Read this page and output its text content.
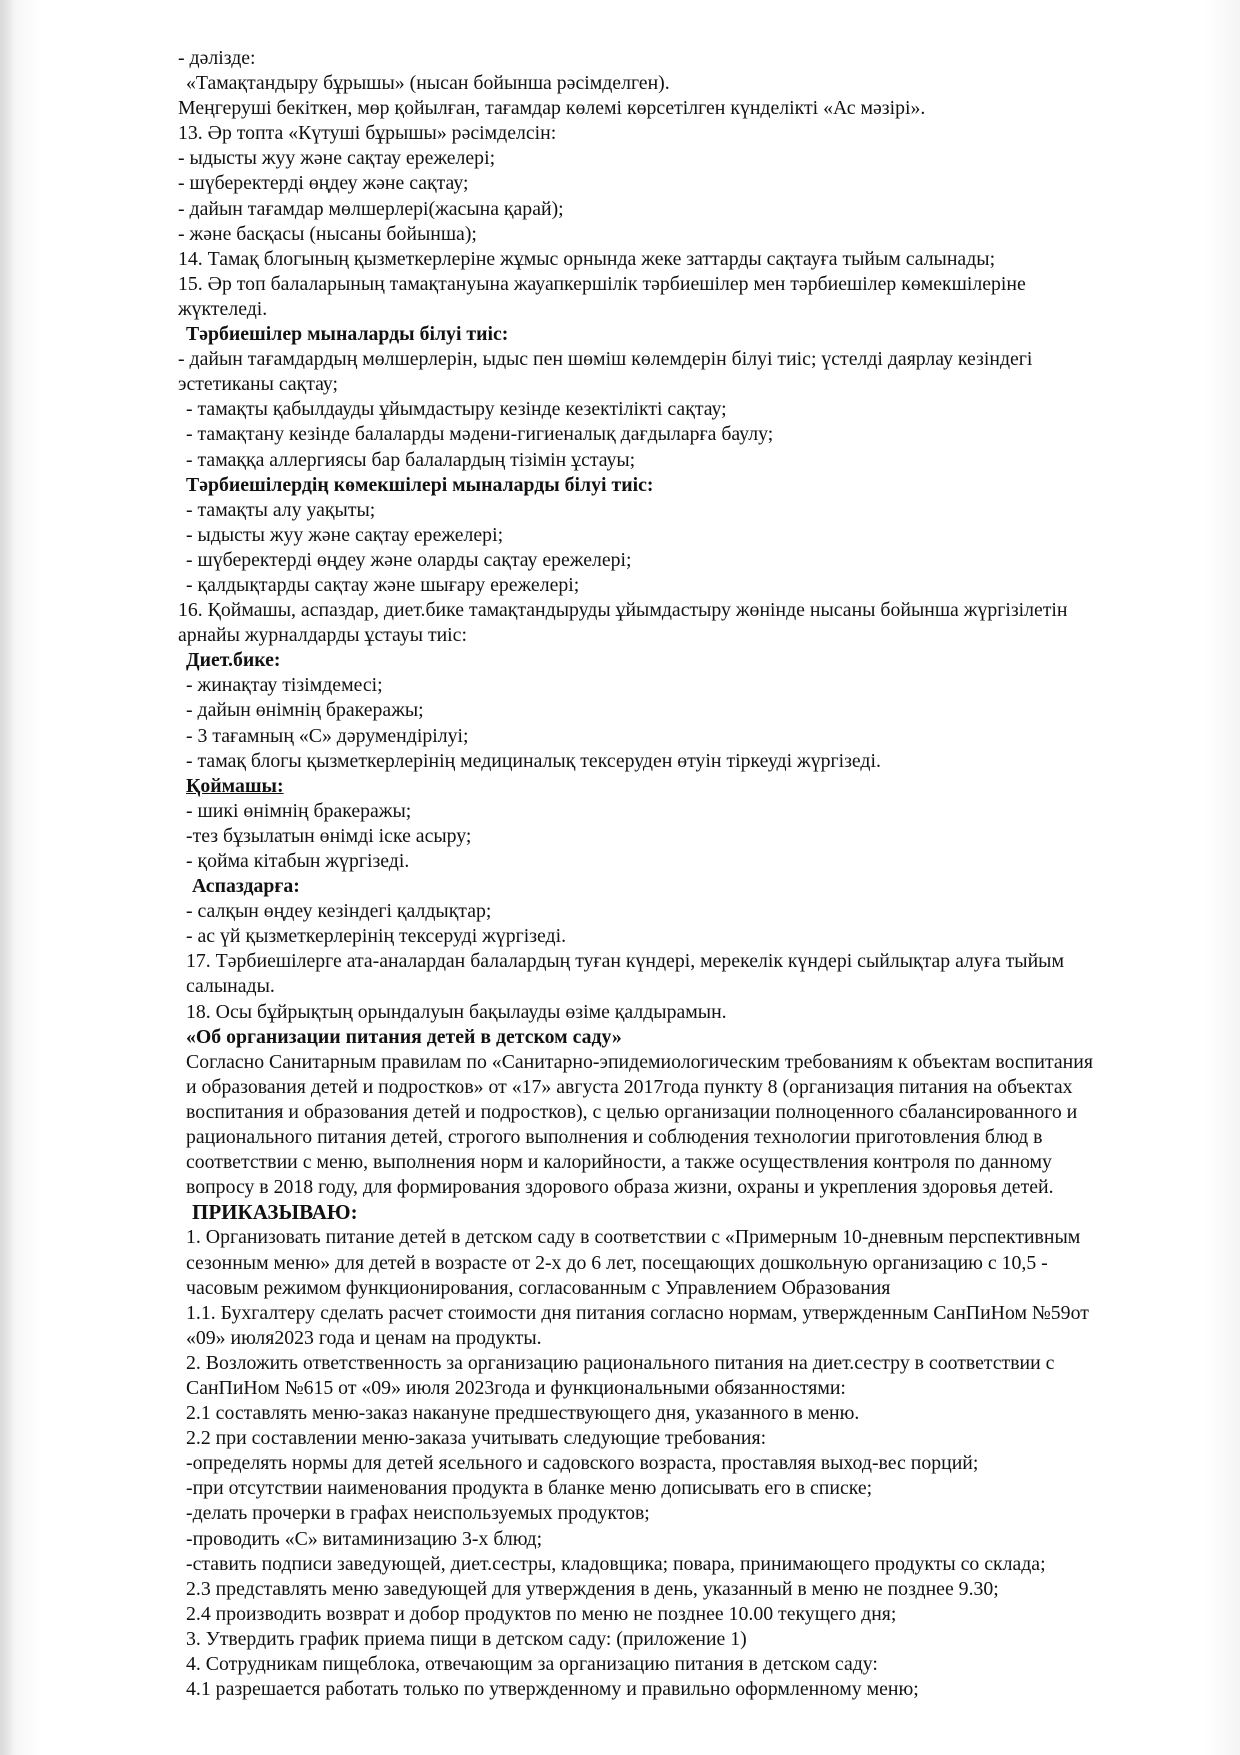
- дәлізде:
«Тамақтандыру бұрышы» (нысан бойынша рәсімделген).
Меңгеруші бекіткен, мөр қойылған, тағамдар көлемі көрсетілген күнделікті «Ас мәзірі».
13. Әр топта «Күтуші бұрышы» рәсімделсін:
- ыдысты жуу және сақтау ережелері;
- шүберектерді өңдеу және сақтау;
- дайын тағамдар мөлшерлері(жасына қарай);
- және басқасы (нысаны бойынша);
14. Тамақ блогының қызметкерлеріне жұмыс орнында жеке заттарды сақтауға тыйым салынады;
15. Әр топ балаларының тамақтануына жауапкершілік тәрбиешілер мен тәрбиешілер көмекшілеріне
жүктеледі.
Тәрбиешілер мыналарды білуі тиіс:
- дайын тағамдардың мөлшерлерін, ыдыс пен шөміш көлемдерін білуі тиіс; үстелді даярлау кезіндегі
эстетиканы сақтау;
- тамақты қабылдауды ұйымдастыру кезінде кезектілікті сақтау;
- тамақтану кезінде балаларды мәдени-гигиеналық дағдыларға баулу;
- тамаққа аллергиясы бар балалардың тізімін ұстауы;
Тәрбиешілердің көмекшілері мыналарды білуі тиіс:
- тамақты алу уақыты;
- ыдысты жуу және сақтау ережелері;
- шүберектерді өңдеу және оларды сақтау ережелері;
- қалдықтарды сақтау және шығару ережелері;
16. Қоймашы, аспаздар, диет.бике тамақтандыруды ұйымдастыру жөнінде нысаны бойынша жүргізілетін
арнайы журналдарды ұстауы тиіс:
Диет.бике:
- жинақтау тізімдемесі;
- дайын өнімнің бракеражы;
- 3 тағамның «С» дәрумендірілуі;
- тамақ блогы қызметкерлерінің медициналық тексеруден өтуін тіркеуді жүргізеді.
Қоймашы:
- шикі өнімнің бракеражы;
-тез бұзылатын өнімді іске асыру;
- қойма кітабын жүргізеді.
Аспаздарға:
- салқын өңдеу кезіндегі қалдықтар;
- ас үй қызметкерлерінің тексеруді жүргізеді.
17. Тәрбиешілерге ата-аналардан балалардың туған күндері, мерекелік күндері сыйлықтар алуға тыйым
салынады.
18. Осы бұйрықтың орындалуын бақылауды өзіме қалдырамын.
«Об организации питания детей в детском саду»
Согласно Санитарным правилам по «Санитарно-эпидемиологическим требованиям к объектам воспитания
и образования детей и подростков» от «17» августа 2017года пункту 8 (организация питания на объектах
воспитания и образования детей и подростков), с целью организации полноценного сбалансированного и
рационального питания детей, строгого выполнения и соблюдения технологии приготовления блюд в
соответствии с меню, выполнения норм и калорийности, а также осуществления контроля по данному
вопросу в 2018 году, для формирования здорового образа жизни, охраны и укрепления здоровья детей.
ПРИКАЗЫВАЮ:
1. Организовать питание детей в детском саду в соответствии с «Примерным 10-дневным перспективным
сезонным меню» для детей в возрасте от 2-х до 6 лет, посещающих дошкольную организацию с 10,5 -
часовым режимом функционирования, согласованным с Управлением Образования
1.1. Бухгалтеру сделать расчет стоимости дня питания согласно нормам, утвержденным СанПиНом №59от
«09» июля2023 года и ценам на продукты.
2. Возложить ответственность за организацию рационального питания на диет.сестру в соответствии с
СанПиНом №615 от «09» июля 2023года и функциональными обязанностями:
2.1 составлять меню-заказ накануне предшествующего дня, указанного в меню.
2.2 при составлении меню-заказа учитывать следующие требования:
-определять нормы для детей ясельного и садовского возраста, проставляя выход-вес порций;
-при отсутствии наименования продукта в бланке меню дописывать его в списке;
-делать прочерки в графах неиспользуемых продуктов;
-проводить «С» витаминизацию 3-х блюд;
-ставить подписи заведующей, диет.сестры, кладовщика; повара, принимающего продукты со склада;
2.3 представлять меню заведующей для утверждения в день, указанный в меню не позднее 9.30;
2.4 производить возврат и добор продуктов по меню не позднее 10.00 текущего дня;
3. Утвердить график приема пищи в детском саду: (приложение 1)
4. Сотрудникам пищеблока, отвечающим за организацию питания в детском саду:
4.1 разрешается работать только по утвержденному и правильно оформленному меню;
